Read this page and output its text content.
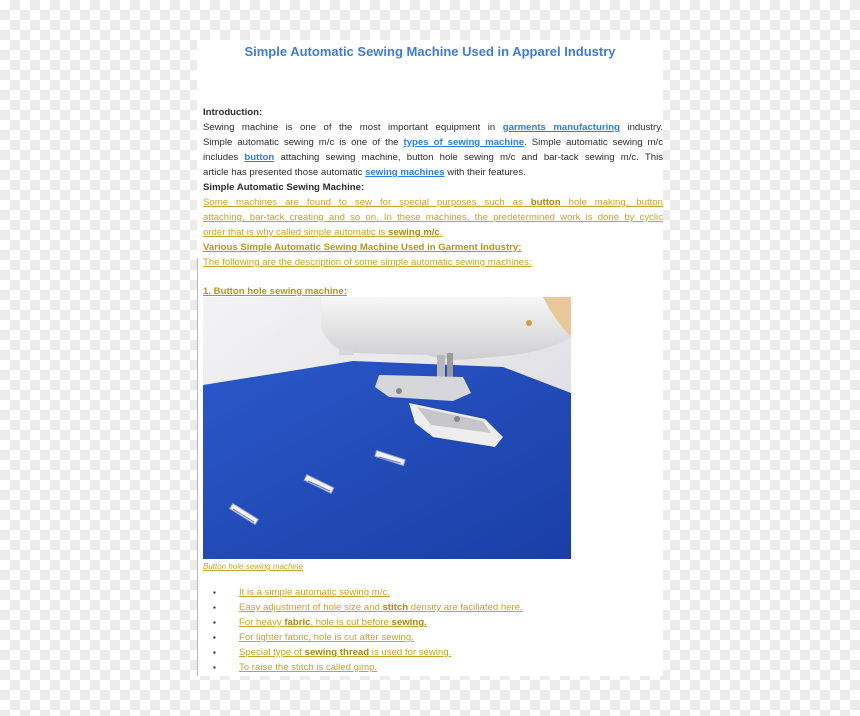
Simple Automatic Sewing Machine Used in Apparel Industry
Introduction:
Sewing machine is one of the most important equipment in garments manufacturing industry.
Simple automatic sewing m/c is one of the types of sewing machine. Simple automatic sewing m/c
includes button attaching sewing machine, button hole sewing m/c and bar-tack sewing m/c. This
article has presented those automatic sewing machines with their features.
Simple Automatic Sewing Machine:
Some machines are found to sew for special purposes such as button hole making, button
attaching, bar-tack creating and so on. In these machines, the predetermined work is done by cyclic
order that is why called simple automatic is sewing m/c.
Various Simple Automatic Sewing Machine Used in Garment Industry:
The following are the description of some simple automatic sewing machines:
1. Button hole sewing machine:
Button hole sewing machine
▪ It is a simple automatic sewing m/c.
▪ Easy adjustment of hole size and stitch density are faciliated here.
▪ For heavy fabric, hole is cut before sewing.
▪ For lighter fabric, hole is cut after sewing.
▪ Special type of sewing thread is used for sewing.
▪ To raise the stitch is called gimp.
